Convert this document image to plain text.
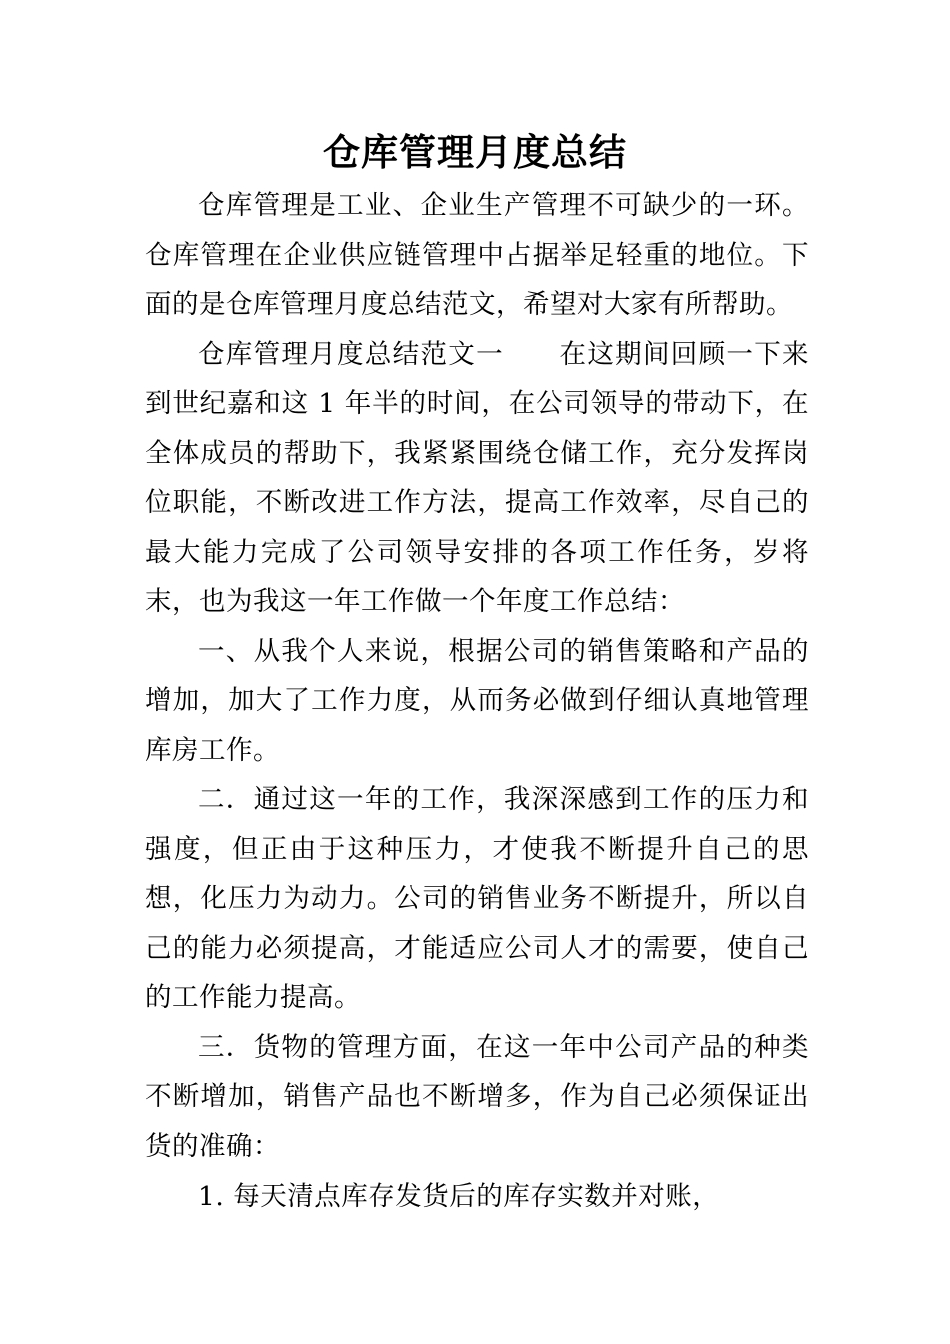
仓库管理月度总结

仓库管理是工业、企业生产管理不可缺少的一环。仓库管理在企业供应链管理中占据举足轻重的地位。下面的是仓库管理月度总结范文，希望对大家有所帮助。

仓库管理月度总结范文一　　在这期间回顾一下来到世纪嘉和这 1 年半的时间，在公司领导的带动下，在全体成员的帮助下，我紧紧围绕仓储工作，充分发挥岗位职能，不断改进工作方法，提高工作效率，尽自己的最大能力完成了公司领导安排的各项工作任务，岁将末，也为我这一年工作做一个年度工作总结：

一、从我个人来说，根据公司的销售策略和产品的增加，加大了工作力度，从而务必做到仔细认真地管理库房工作。

二．通过这一年的工作，我深深感到工作的压力和强度，但正由于这种压力，才使我不断提升自己的思想，化压力为动力。公司的销售业务不断提升，所以自己的能力必须提高，才能适应公司人才的需要，使自己的工作能力提高。

三．货物的管理方面，在这一年中公司产品的种类不断增加，销售产品也不断增多，作为自己必须保证出货的准确：

1. 每天清点库存发货后的库存实数并对账，
